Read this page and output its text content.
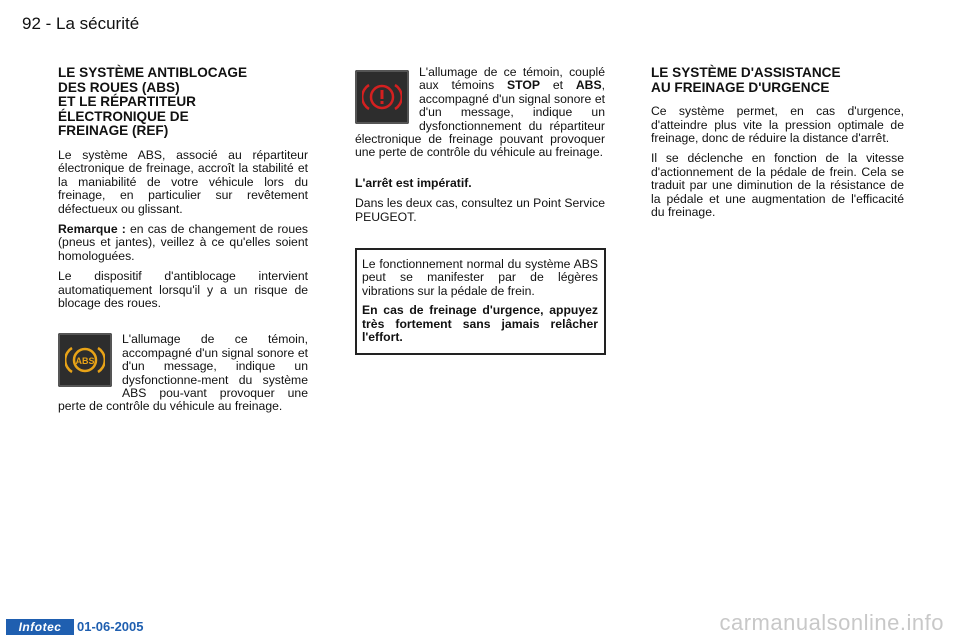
92 - La sécurité
LE SYSTÈME ANTIBLOCAGE
DES ROUES (ABS)
ET LE RÉPARTITEUR
ÉLECTRONIQUE DE
FREINAGE (REF)

Le système ABS, associé au répartiteur électronique de freinage, accroît la stabilité et la maniabilité de votre véhicule lors du freinage, en particulier sur revêtement défectueux ou glissant.

Remarque : en cas de changement de roues (pneus et jantes), veillez à ce qu'elles soient homologuées.

Le dispositif d'antiblocage intervient automatiquement lorsqu'il y a un risque de blocage des roues.

ABS

L'allumage de ce témoin, accompagné d'un signal sonore et d'un message, indique un dysfonctionne-ment du système ABS pou-vant provoquer une perte de contrôle du véhicule au freinage.

L'allumage de ce témoin, couplé aux témoins STOP et ABS, accompagné d'un signal sonore et d'un message, indique un dysfonctionnement du répartiteur électronique de freinage pouvant provoquer une perte de contrôle du véhicule au freinage.

L'arrêt est impératif.

Dans les deux cas, consultez un Point Service PEUGEOT.

Le fonctionnement normal du système ABS peut se manifester par de légères vibrations sur la pédale de frein.

En cas de freinage d'urgence, appuyez très fortement sans jamais relâcher l'effort.

LE SYSTÈME D'ASSISTANCE
AU FREINAGE D'URGENCE

Ce système permet, en cas d'urgence, d'atteindre plus vite la pression optimale de freinage, donc de réduire la distance d'arrêt.

Il se déclenche en fonction de la vitesse d'actionnement de la pédale de frein. Cela se traduit par une diminution de la résistance de la pédale et une augmentation de l'efficacité du freinage.

Infotec	01-06-2005	carmanualsonline.info
